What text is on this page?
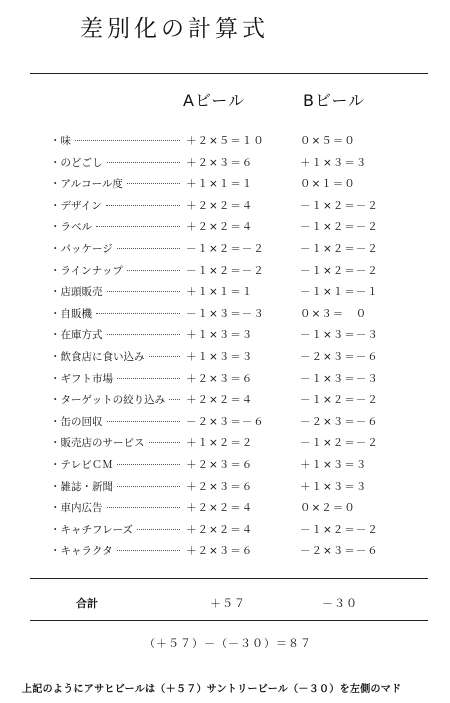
差別化の計算式
Aビール	Bビール
・味	＋２×５＝１０	０×５＝０
・のどごし	＋２×３＝６	＋１×３＝３
・アルコール度	＋１×１＝１	０×１＝０
・デザイン	＋２×２＝４	－１×２＝－２
・ラベル	＋２×２＝４	－１×２＝－２
・パッケージ	－１×２＝－２	－１×２＝－２
・ラインナップ	－１×２＝－２	－１×２＝－２
・店頭販売	＋１×１＝１	－１×１＝－１
・自販機	－１×３＝－３	０×３＝　０
・在庫方式	＋１×３＝３	－１×３＝－３
・飲食店に食い込み	＋１×３＝３	－２×３＝－６
・ギフト市場	＋２×３＝６	－１×３＝－３
・ターゲットの絞り込み ＋２×２＝４	－１×２＝－２
・缶の回収	－２×３＝－６	－２×３＝－６
・販売店のサービス	＋１×２＝２	－１×２＝－２
・テレビＣＭ	＋２×３＝６	＋１×３＝３
・雑誌・新聞	＋２×３＝６	＋１×３＝３
・車内広告	＋２×２＝４	０×２＝０
・キャチフレーズ	＋２×２＝４	－１×２＝－２
・キャラクタ	＋２×３＝６	－２×３＝－６
合計	＋５７	－３０
（＋５７）－（－３０）＝８７
上記のようにアサヒビールは（＋５７）サントリービール（－３０）を左側のマド
